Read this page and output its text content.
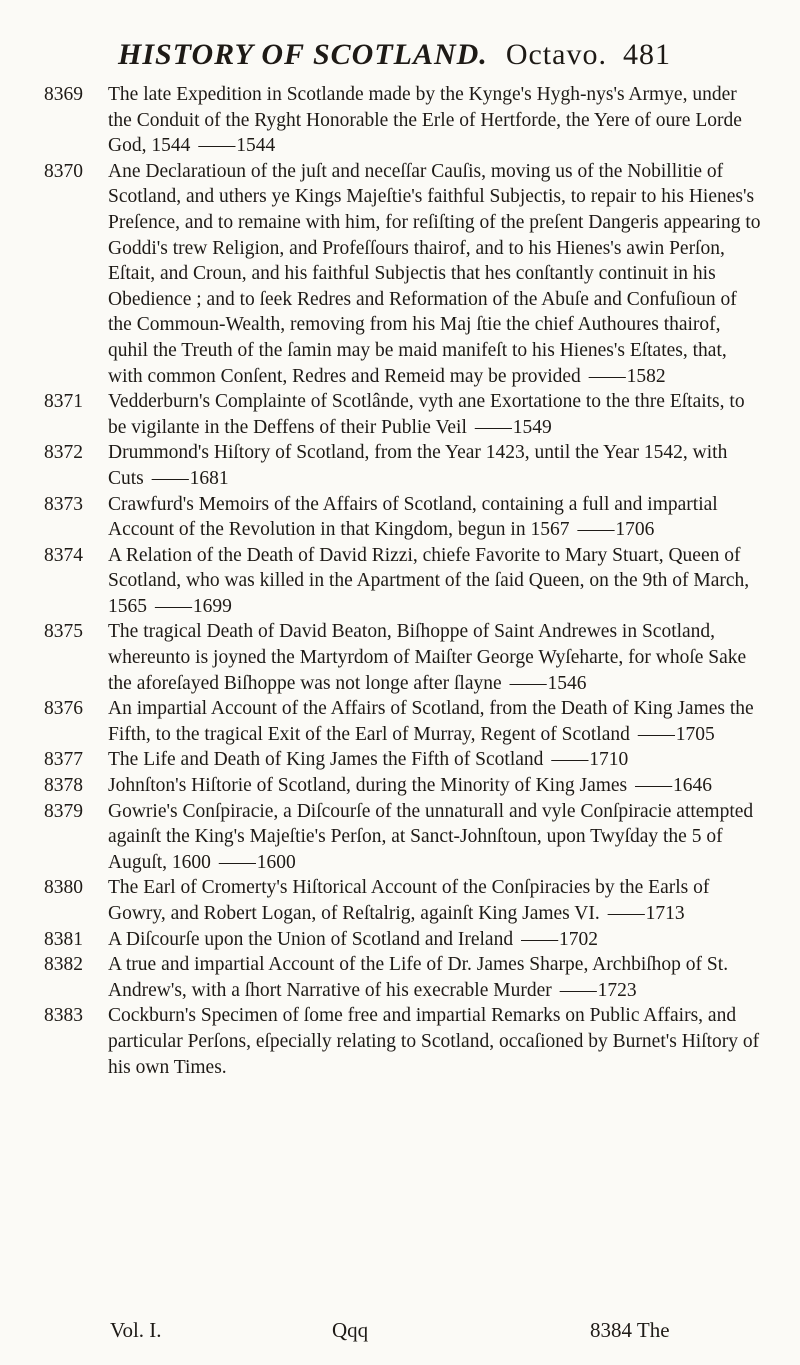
HISTORY OF SCOTLAND. Octavo. 481
8369	The late Expedition in Scotlande made by the Kynge's Hygh-nys's Armye, under the Conduit of the Ryght Honorable the Erle of Hertforde, the Yere of oure Lorde God, 1544 —— 1544
8370	Ane Declaratioun of the juſt and neceſſar Cauſis, moving us of the Nobillitie of Scotland, and uthers ye Kings Majeſtie's faithful Subjectis, to repair to his Hienes's Preſence, and to remaine with him, for reſiſting of the preſent Dangeris appearing to Goddi's trew Religion, and Profeſſours thairof, and to his Hienes's awin Perſon, Eſtait, and Croun, and his faithful Subjectis that hes conſtantly continuit in his Obedience ; and to ſeek Redres and Reformation of the Abuſe and Confuſioun of the Commoun-Wealth, removing from his Maj ſtie the chief Authoures thairof, quhil the Treuth of the ſamin may be maid manifeſt to his Hienes's Eſtates, that, with common Conſent, Redres and Remeid may be provided —— 1582
8371	Vedderburn's Complainte of Scotlânde, vyth ane Exortatione to the thre Eſtaits, to be vigilante in the Deffens of their Publie Veil —— 1549
8372	Drummond's Hiſtory of Scotland, from the Year 1423, until the Year 1542, with Cuts —— 1681
8373	Crawfurd's Memoirs of the Affairs of Scotland, containing a full and impartial Account of the Revolution in that Kingdom, begun in 1567 —— 1706
8374	A Relation of the Death of David Rizzi, chiefe Favorite to Mary Stuart, Queen of Scotland, who was killed in the Apartment of the ſaid Queen, on the 9th of March, 1565 —— 1699
8375	The tragical Death of David Beaton, Biſhoppe of Saint Andrewes in Scotland, whereunto is joyned the Martyrdom of Maiſter George Wyſeharte, for whoſe Sake the aforeſayed Biſhoppe was not longe after ſlayne —— 1546
8376	An impartial Account of the Affairs of Scotland, from the Death of King James the Fifth, to the tragical Exit of the Earl of Murray, Regent of Scotland —— 1705
8377	The Life and Death of King James the Fifth of Scotland —— 1710
8378	Johnſton's Hiſtorie of Scotland, during the Minority of King James —— 1646
8379	Gowrie's Conſpiracie, a Diſcourſe of the unnaturall and vyle Conſpiracie attempted againſt the King's Majeſtie's Perſon, at Sanct-Johnſtoun, upon Twyſday the 5 of Auguſt, 1600 —— 1600
8380	The Earl of Cromerty's Hiſtorical Account of the Conſpiracies by the Earls of Gowry, and Robert Logan, of Reſtalrig, againſt King James VI. —— 1713
8381	A Diſcourſe upon the Union of Scotland and Ireland —— 1702
8382	A true and impartial Account of the Life of Dr. James Sharpe, Archbiſhop of St. Andrew's, with a ſhort Narrative of his execrable Murder —— 1723
8383	Cockburn's Specimen of ſome free and impartial Remarks on Public Affairs, and particular Perſons, eſpecially relating to Scotland, occaſioned by Burnet's Hiſtory of his own Times.
Vol. I.	Qqq	8384 The
